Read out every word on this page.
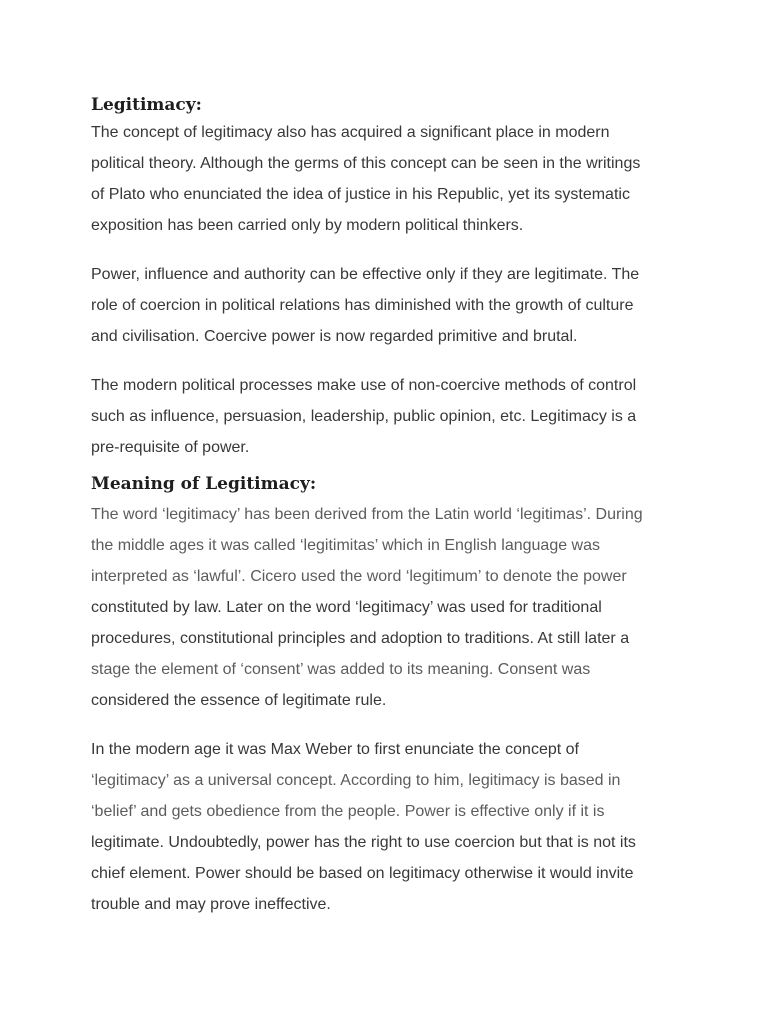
Legitimacy:

The concept of legitimacy also has acquired a significant place in modern
political theory. Although the germs of this concept can be seen in the writings
of Plato who enunciated the idea of justice in his Republic, yet its systematic
exposition has been carried only by modern political thinkers.

Power, influence and authority can be effective only if they are legitimate. The
role of coercion in political relations has diminished with the growth of culture
and civilisation. Coercive power is now regarded primitive and brutal.

The modern political processes make use of non-coercive methods of control
such as influence, persuasion, leadership, public opinion, etc. Legitimacy is a
pre-requisite of power.

Meaning of Legitimacy:

The word ‘legitimacy’ has been derived from the Latin world ‘legitimas’. During
the middle ages it was called ‘legitimitas’ which in English language was
interpreted as ‘lawful’. Cicero used the word ‘legitimum’ to denote the power
constituted by law. Later on the word ‘legitimacy’ was used for traditional
procedures, constitutional principles and adoption to traditions. At still later a
stage the element of ‘consent’ was added to its meaning. Consent was
considered the essence of legitimate rule.

In the modern age it was Max Weber to first enunciate the concept of
‘legitimacy’ as a universal concept. According to him, legitimacy is based in
‘belief’ and gets obedience from the people. Power is effective only if it is
legitimate. Undoubtedly, power has the right to use coercion but that is not its
chief element. Power should be based on legitimacy otherwise it would invite
trouble and may prove ineffective.
